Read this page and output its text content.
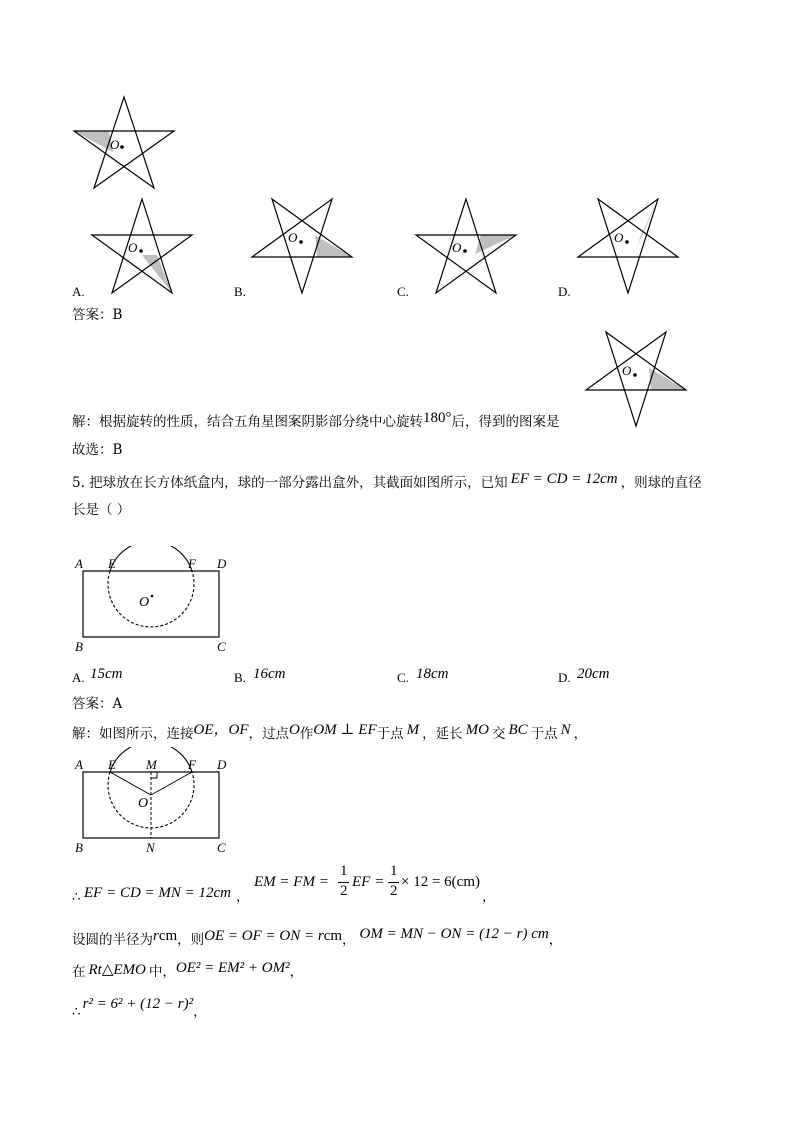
O
O
A.
O
B.
O
C.
O
D.
答案：B
O
解：根据旋转的性质，结合五角星图案阴影部分绕中心旋转180°后，得到的图案是
故选：B
5. 把球放在长方体纸盒内，球的一部分露出盒外，其截面如图所示，已知 EF = CD = 12cm ，则球的直径
长是（ ）
A E	F D
O
B	C
A. 15cm	B. 16cm	C. 18cm	D. 20cm
答案：A
解：如图所示，连接OE，OF，过点O作OM ⊥ EF于点 M ，延长 MO 交 BC 于点 N ，
A E M F D
O
B	N	C
∴ EF = CD = MN = 12cm ，
EM = FM =
1
2
EF =
1
2
× 12 = 6(cm)
，
设圆的半径为rcm，则OE = OF = ON = rcm， OM = MN − ON = (12 − r) cm，
在 Rt△EMO 中，OE² = EM² + OM²，
∴ r² = 6² + (12 − r)²，
